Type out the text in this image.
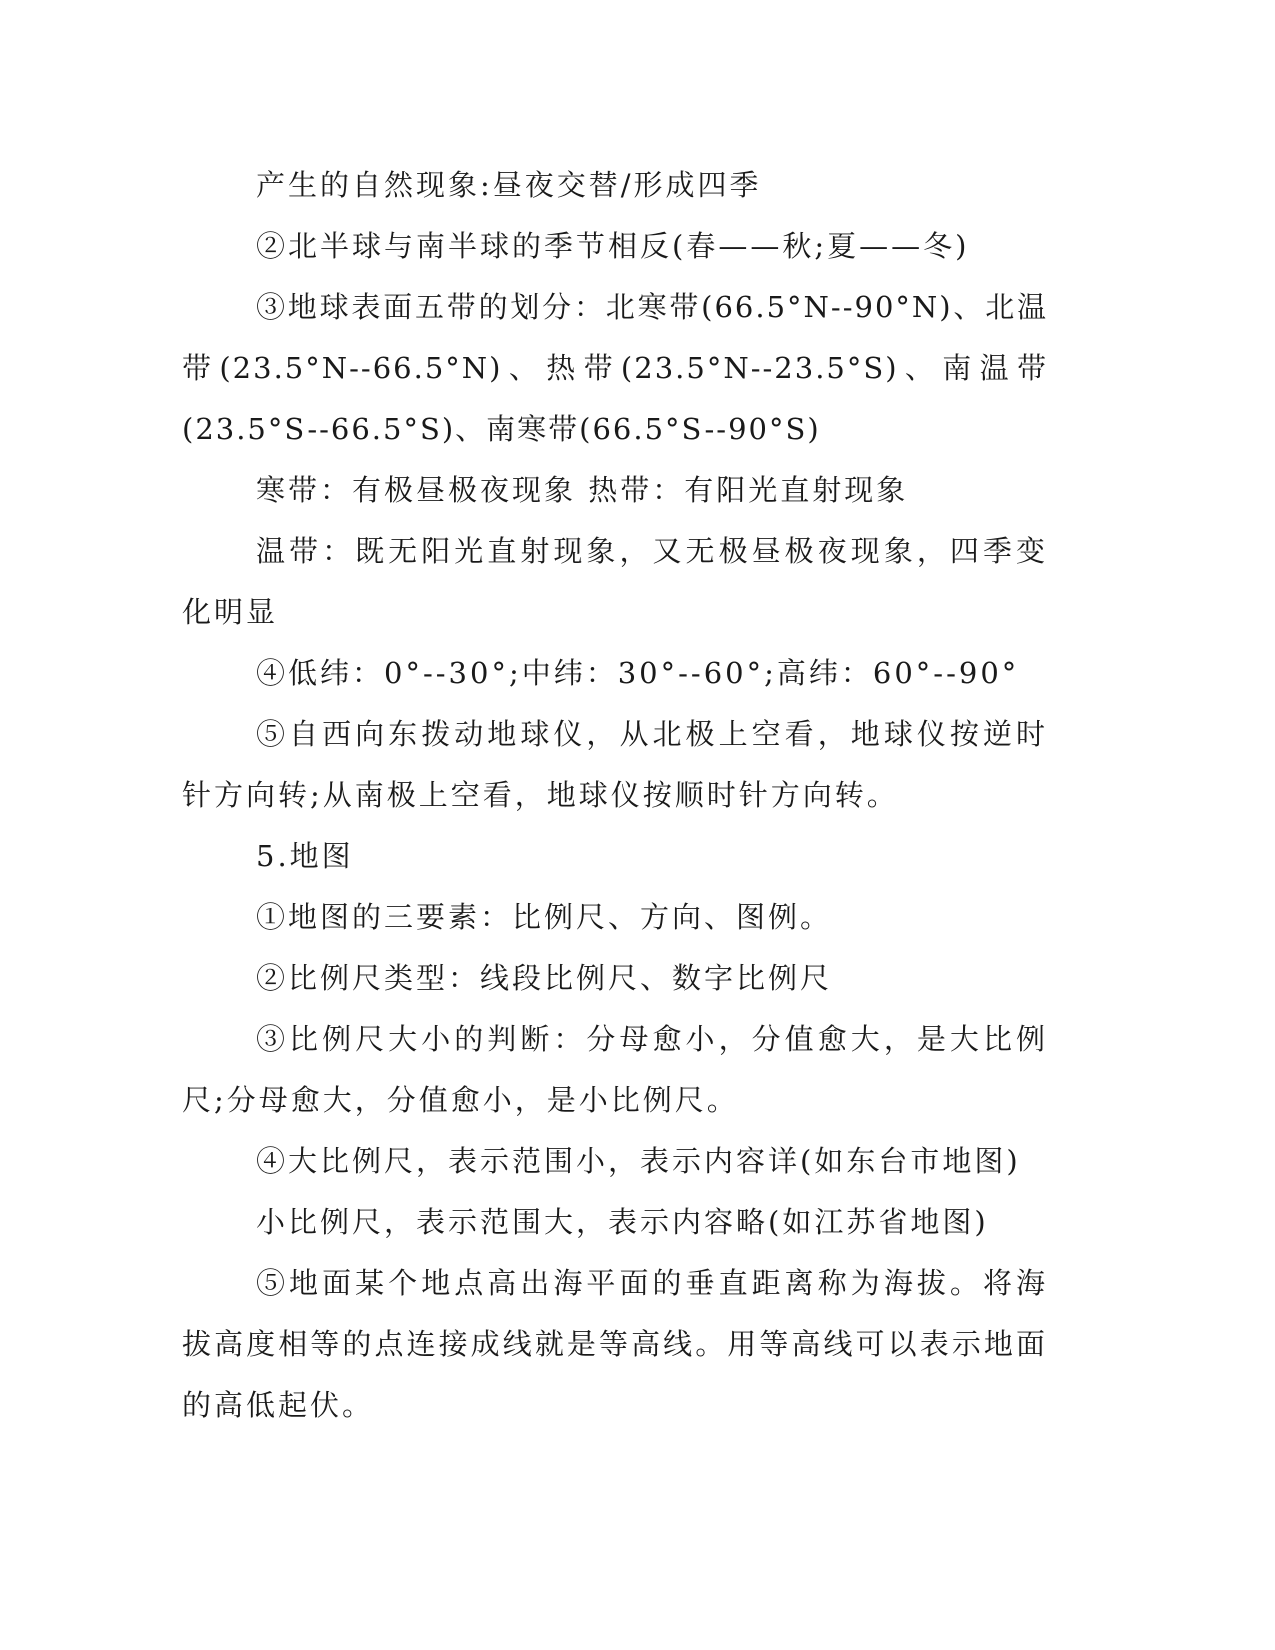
产生的自然现象:昼夜交替/形成四季

②北半球与南半球的季节相反(春——秋;夏——冬)

③地球表面五带的划分：北寒带(66.5°N--90°N)、北温带(23.5°N--66.5°N)、热带(23.5°N--23.5°S)、南温带(23.5°S--66.5°S)、南寒带(66.5°S--90°S)

寒带：有极昼极夜现象 热带：有阳光直射现象

温带：既无阳光直射现象，又无极昼极夜现象，四季变化明显

④低纬：0°--30°;中纬：30°--60°;高纬：60°--90°

⑤自西向东拨动地球仪，从北极上空看，地球仪按逆时针方向转;从南极上空看，地球仪按顺时针方向转。

5.地图

①地图的三要素：比例尺、方向、图例。

②比例尺类型：线段比例尺、数字比例尺

③比例尺大小的判断：分母愈小，分值愈大，是大比例尺;分母愈大，分值愈小，是小比例尺。

④大比例尺，表示范围小，表示内容详(如东台市地图)

小比例尺，表示范围大，表示内容略(如江苏省地图)

⑤地面某个地点高出海平面的垂直距离称为海拔。将海拔高度相等的点连接成线就是等高线。用等高线可以表示地面的高低起伏。
